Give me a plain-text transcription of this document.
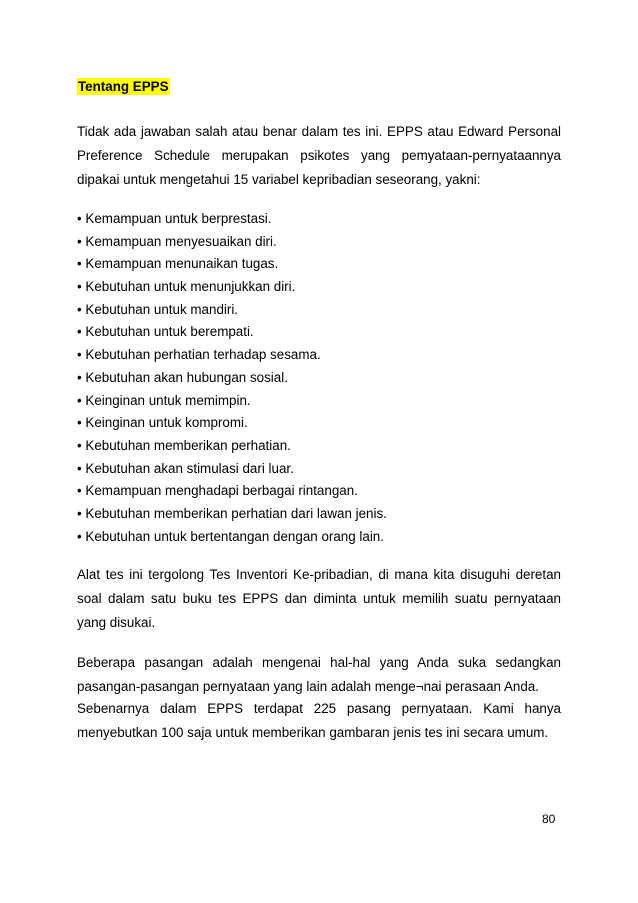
Tentang EPPS

Tidak ada jawaban salah atau benar dalam tes ini. EPPS atau Edward Personal Preference Schedule merupakan psikotes yang pemyataan-pernyataannya dipakai untuk mengetahui 15 variabel kepribadian seseorang, yakni:

• Kemampuan untuk berprestasi.
• Kemampuan menyesuaikan diri.
• Kemampuan menunaikan tugas.
• Kebutuhan untuk menunjukkan diri.
• Kebutuhan untuk mandiri.
• Kebutuhan untuk berempati.
• Kebutuhan perhatian terhadap sesama.
• Kebutuhan akan hubungan sosial.
• Keinginan untuk memimpin.
• Keinginan untuk kompromi.
• Kebutuhan memberikan perhatian.
• Kebutuhan akan stimulasi dari luar.
• Kemampuan menghadapi berbagai rintangan.
• Kebutuhan memberikan perhatian dari lawan jenis.
• Kebutuhan untuk bertentangan dengan orang lain.

Alat tes ini tergolong Tes Inventori Ke-pribadian, di mana kita disuguhi deretan soal dalam satu buku tes EPPS dan diminta untuk memilih suatu pernyataan yang disukai.

Beberapa pasangan adalah mengenai hal-hal yang Anda suka sedangkan pasangan-pasangan pernyataan yang lain adalah menge¬nai perasaan Anda.

Sebenarnya dalam EPPS terdapat 225 pasang pernyataan. Kami hanya menyebutkan 100 saja untuk memberikan gambaran jenis tes ini secara umum.

80
